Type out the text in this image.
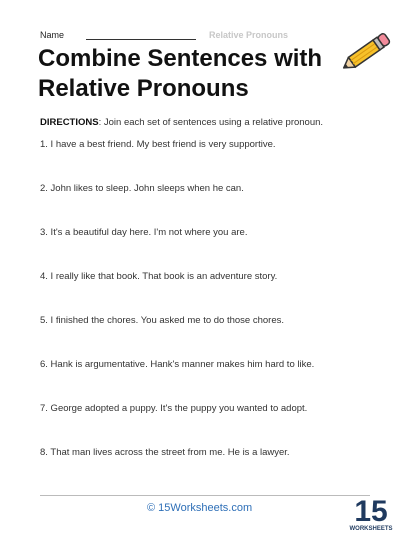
Name	Relative Pronouns
Combine Sentences with Relative Pronouns
DIRECTIONS: Join each set of sentences using a relative pronoun.
1. I have a best friend. My best friend is very supportive.
2. John likes to sleep. John sleeps when he can.
3. It's a beautiful day here. I'm not where you are.
4. I really like that book. That book is an adventure story.
5. I finished the chores. You asked me to do those chores.
6. Hank is argumentative. Hank's manner makes him hard to like.
7. George adopted a puppy. It's the puppy you wanted to adopt.
8. That man lives across the street from me. He is a lawyer.
© 15Worksheets.com	15
WORKSHEETS
